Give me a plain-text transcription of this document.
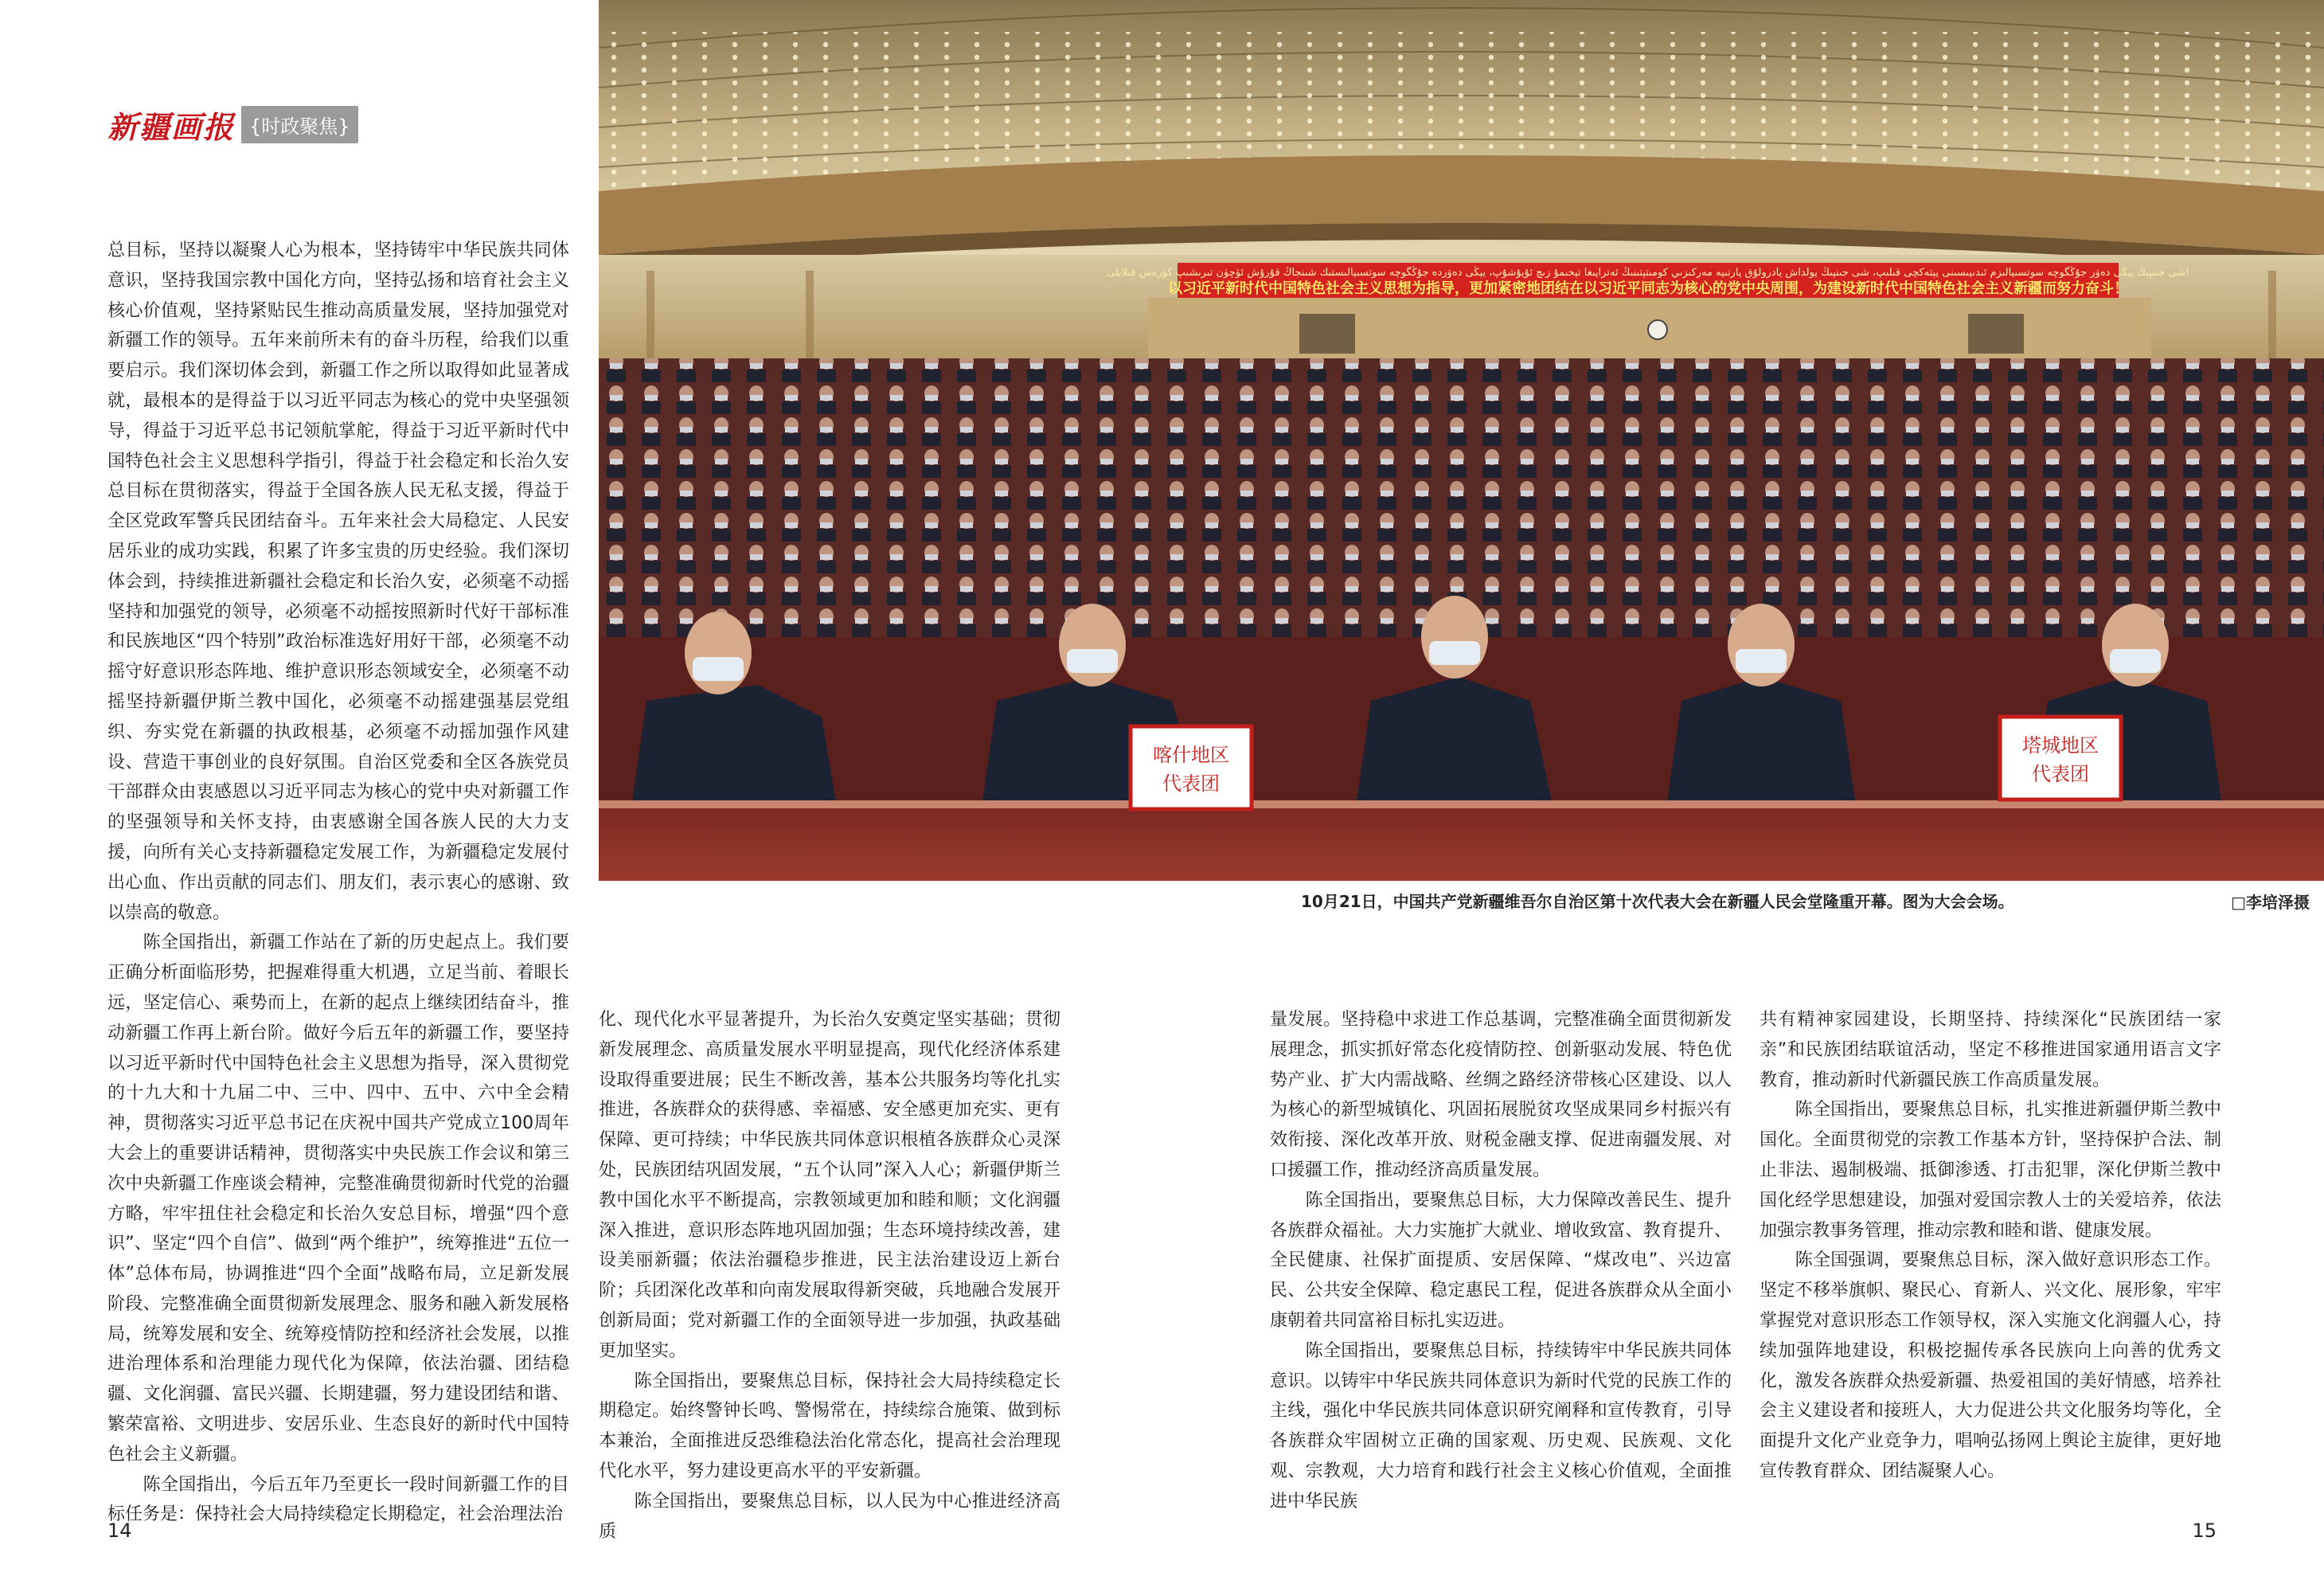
新疆画报 {时政聚焦}
شى جىنپىڭ يېڭى دەۋر جۇڭگوچە سوتسىيالىزم ئىدىيىسىنى يېتەكچى قىلىپ، شى جىنپىڭ يولداش يادرولۇق پارتىيە مەركىزىي كومىتېتىنىڭ ئەتراپىغا تېخىمۇ زىچ ئۇيۇشۇپ، يېڭى دەۋردە جۇڭگوچە سوتسىيالىستىك شىنجاڭ قۇرۇش ئۈچۈن تىرىشىپ كۈرەش قىلايلى!
以习近平新时代中国特色社会主义思想为指导，更加紧密地团结在以习近平同志为核心的党中央周围，为建设新时代中国特色社会主义新疆而努力奋斗！
喀什地区
代表团
塔城地区
代表团
10月21日，中国共产党新疆维吾尔自治区第十次代表大会在新疆人民会堂隆重开幕。图为大会会场。	□李培泽摄
总目标，坚持以凝聚人心为根本，坚持铸牢中华民族共同体意识，坚持我国宗教中国化方向，坚持弘扬和培育社会主义核心价值观，坚持紧贴民生推动高质量发展，坚持加强党对新疆工作的领导。五年来前所未有的奋斗历程，给我们以重要启示。我们深切体会到，新疆工作之所以取得如此显著成就，最根本的是得益于以习近平同志为核心的党中央坚强领导，得益于习近平总书记领航掌舵，得益于习近平新时代中国特色社会主义思想科学指引，得益于社会稳定和长治久安总目标在贯彻落实，得益于全国各族人民无私支援，得益于全区党政军警兵民团结奋斗。五年来社会大局稳定、人民安居乐业的成功实践，积累了许多宝贵的历史经验。我们深切体会到，持续推进新疆社会稳定和长治久安，必须毫不动摇坚持和加强党的领导，必须毫不动摇按照新时代好干部标准和民族地区“四个特别”政治标准选好用好干部，必须毫不动摇守好意识形态阵地、维护意识形态领域安全，必须毫不动摇坚持新疆伊斯兰教中国化，必须毫不动摇建强基层党组织、夯实党在新疆的执政根基，必须毫不动摇加强作风建设、营造干事创业的良好氛围。自治区党委和全区各族党员干部群众由衷感恩以习近平同志为核心的党中央对新疆工作的坚强领导和关怀支持，由衷感谢全国各族人民的大力支援，向所有关心支持新疆稳定发展工作，为新疆稳定发展付出心血、作出贡献的同志们、朋友们，表示衷心的感谢、致以崇高的敬意。
　　陈全国指出，新疆工作站在了新的历史起点上。我们要正确分析面临形势，把握难得重大机遇，立足当前、着眼长远，坚定信心、乘势而上，在新的起点上继续团结奋斗，推动新疆工作再上新台阶。做好今后五年的新疆工作，要坚持以习近平新时代中国特色社会主义思想为指导，深入贯彻党的十九大和十九届二中、三中、四中、五中、六中全会精神，贯彻落实习近平总书记在庆祝中国共产党成立100周年大会上的重要讲话精神，贯彻落实中央民族工作会议和第三次中央新疆工作座谈会精神，完整准确贯彻新时代党的治疆方略，牢牢扭住社会稳定和长治久安总目标，增强“四个意识”、坚定“四个自信”、做到“两个维护”，统筹推进“五位一体”总体布局，协调推进“四个全面”战略布局，立足新发展阶段、完整准确全面贯彻新发展理念、服务和融入新发展格局，统筹发展和安全、统筹疫情防控和经济社会发展，以推进治理体系和治理能力现代化为保障，依法治疆、团结稳疆、文化润疆、富民兴疆、长期建疆，努力建设团结和谐、繁荣富裕、文明进步、安居乐业、生态良好的新时代中国特色社会主义新疆。
　　陈全国指出，今后五年乃至更长一段时间新疆工作的目标任务是：保持社会大局持续稳定长期稳定，社会治理法治
化、现代化水平显著提升，为长治久安奠定坚实基础；贯彻新发展理念、高质量发展水平明显提高，现代化经济体系建设取得重要进展；民生不断改善，基本公共服务均等化扎实推进，各族群众的获得感、幸福感、安全感更加充实、更有保障、更可持续；中华民族共同体意识根植各族群众心灵深处，民族团结巩固发展，“五个认同”深入人心；新疆伊斯兰教中国化水平不断提高，宗教领域更加和睦和顺；文化润疆深入推进，意识形态阵地巩固加强；生态环境持续改善，建设美丽新疆；依法治疆稳步推进，民主法治建设迈上新台阶；兵团深化改革和向南发展取得新突破，兵地融合发展开创新局面；党对新疆工作的全面领导进一步加强，执政基础更加坚实。
　　陈全国指出，要聚焦总目标，保持社会大局持续稳定长期稳定。始终警钟长鸣、警惕常在，持续综合施策、做到标本兼治，全面推进反恐维稳法治化常态化，提高社会治理现代化水平，努力建设更高水平的平安新疆。
　　陈全国指出，要聚焦总目标，以人民为中心推进经济高质
量发展。坚持稳中求进工作总基调，完整准确全面贯彻新发展理念，抓实抓好常态化疫情防控、创新驱动发展、特色优势产业、扩大内需战略、丝绸之路经济带核心区建设、以人为核心的新型城镇化、巩固拓展脱贫攻坚成果同乡村振兴有效衔接、深化改革开放、财税金融支撑、促进南疆发展、对口援疆工作，推动经济高质量发展。
　　陈全国指出，要聚焦总目标，大力保障改善民生、提升各族群众福祉。大力实施扩大就业、增收致富、教育提升、全民健康、社保扩面提质、安居保障、“煤改电”、兴边富民、公共安全保障、稳定惠民工程，促进各族群众从全面小康朝着共同富裕目标扎实迈进。
　　陈全国指出，要聚焦总目标，持续铸牢中华民族共同体意识。以铸牢中华民族共同体意识为新时代党的民族工作的主线，强化中华民族共同体意识研究阐释和宣传教育，引导各族群众牢固树立正确的国家观、历史观、民族观、文化观、宗教观，大力培育和践行社会主义核心价值观，全面推进中华民族
共有精神家园建设，长期坚持、持续深化“民族团结一家亲”和民族团结联谊活动，坚定不移推进国家通用语言文字教育，推动新时代新疆民族工作高质量发展。
　　陈全国指出，要聚焦总目标，扎实推进新疆伊斯兰教中国化。全面贯彻党的宗教工作基本方针，坚持保护合法、制止非法、遏制极端、抵御渗透、打击犯罪，深化伊斯兰教中国化经学思想建设，加强对爱国宗教人士的关爱培养，依法加强宗教事务管理，推动宗教和睦和谐、健康发展。
　　陈全国强调，要聚焦总目标，深入做好意识形态工作。坚定不移举旗帜、聚民心、育新人、兴文化、展形象，牢牢掌握党对意识形态工作领导权，深入实施文化润疆人心，持续加强阵地建设，积极挖掘传承各民族向上向善的优秀文化，激发各族群众热爱新疆、热爱祖国的美好情感，培养社会主义建设者和接班人，大力促进公共文化服务均等化，全面提升文化产业竞争力，唱响弘扬网上舆论主旋律，更好地宣传教育群众、团结凝聚人心。
14	15
